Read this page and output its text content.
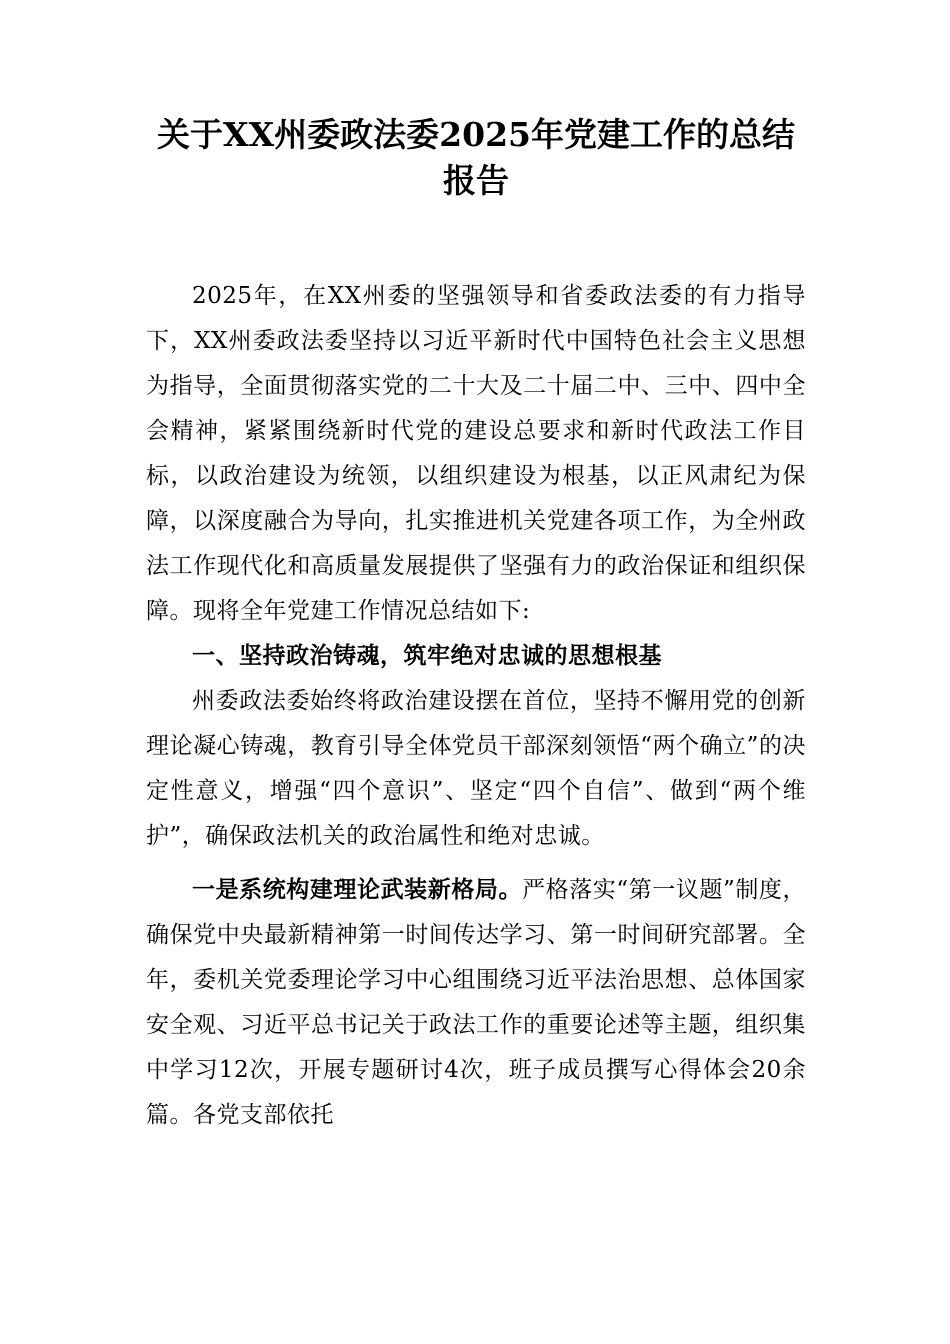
关于XX州委政法委2025年党建工作的总结报告

2025年，在XX州委的坚强领导和省委政法委的有力指导下，XX州委政法委坚持以习近平新时代中国特色社会主义思想为指导，全面贯彻落实党的二十大及二十届二中、三中、四中全会精神，紧紧围绕新时代党的建设总要求和新时代政法工作目标，以政治建设为统领，以组织建设为根基，以正风肃纪为保障，以深度融合为导向，扎实推进机关党建各项工作，为全州政法工作现代化和高质量发展提供了坚强有力的政治保证和组织保障。现将全年党建工作情况总结如下:

一、坚持政治铸魂，筑牢绝对忠诚的思想根基

州委政法委始终将政治建设摆在首位，坚持不懈用党的创新理论凝心铸魂，教育引导全体党员干部深刻领悟“两个确立”的决定性意义，增强“四个意识”、坚定“四个自信”、做到“两个维护”，确保政法机关的政治属性和绝对忠诚。

一是系统构建理论武装新格局。严格落实“第一议题”制度，确保党中央最新精神第一时间传达学习、第一时间研究部署。全年，委机关党委理论学习中心组围绕习近平法治思想、总体国家安全观、习近平总书记关于政法工作的重要论述等主题，组织集中学习12次，开展专题研讨4次，班子成员撰写心得体会20余篇。各党支部依托
